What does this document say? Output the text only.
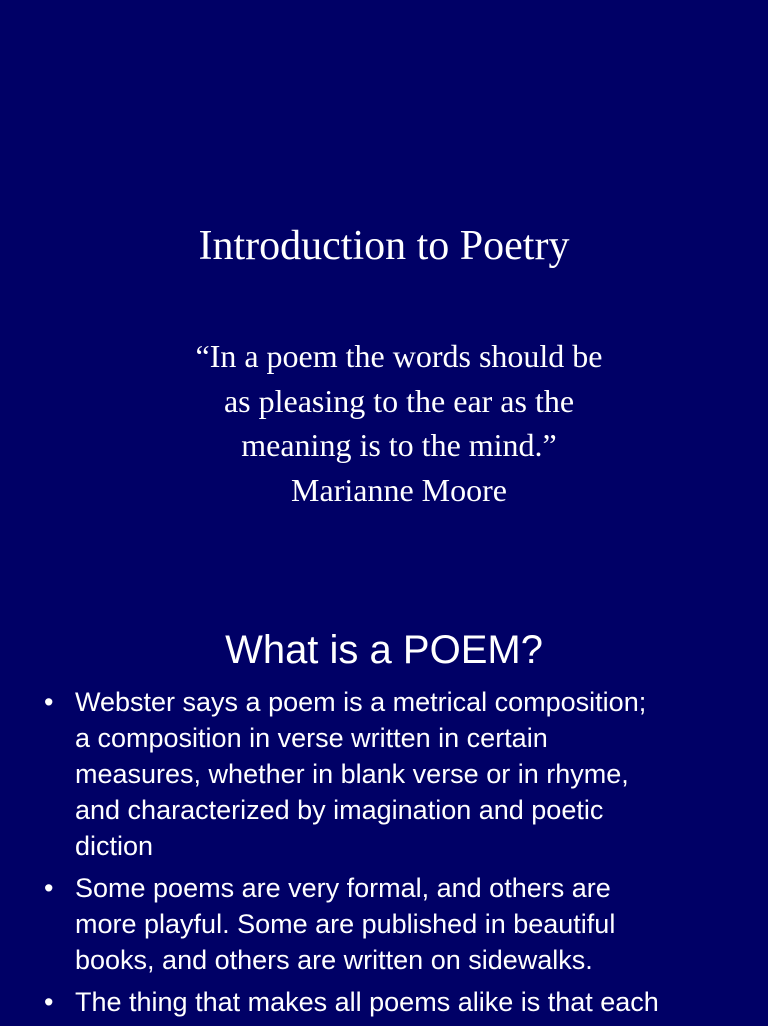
Introduction to Poetry
“In a poem the words should be
as pleasing to the ear as the
meaning is to the mind.”
Marianne Moore
What is a POEM?
• Webster says a poem is a metrical composition;
a composition in verse written in certain
measures, whether in blank verse or in rhyme,
and characterized by imagination and poetic
diction
• Some poems are very formal, and others are
more playful. Some are published in beautiful
books, and others are written on sidewalks.
• The thing that makes all poems alike is that each
